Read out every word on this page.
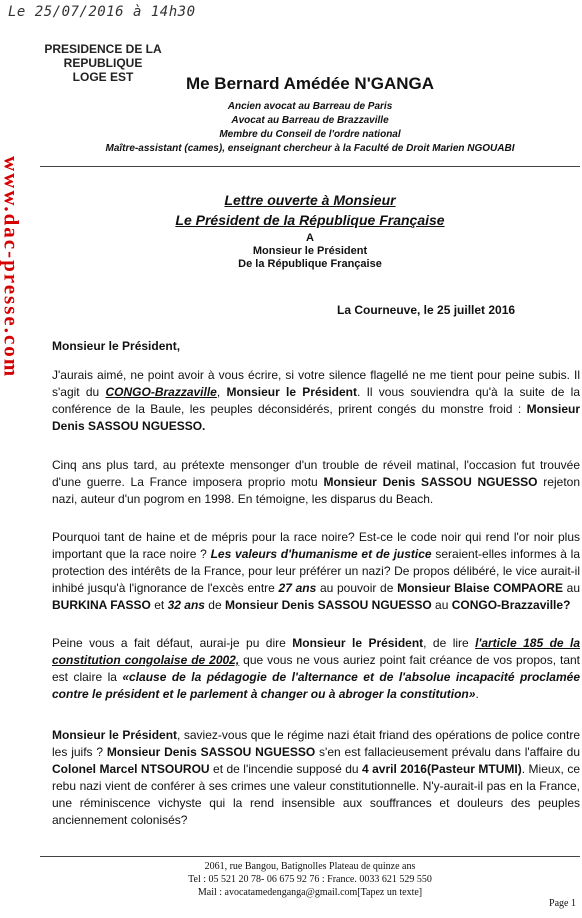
Le 25/07/2016 à 14h30
PRESIDENCE DE LA REPUBLIQUE
LOGE EST
www.dac-presse.com
Me Bernard Amédée N'GANGA
Ancien avocat au Barreau de Paris
Avocat au Barreau de Brazzaville
Membre du Conseil de l'ordre national
Maître-assistant (cames), enseignant chercheur à la Faculté de Droit Marien NGOUABI
Lettre ouverte à Monsieur
Le Président de la République Française
A
Monsieur le Président
De la République Française
La Courneuve, le 25 juillet 2016
Monsieur le Président,
J'aurais aimé, ne point avoir à vous écrire, si votre silence flagellé ne me tient pour peine subis. Il s'agit du CONGO-Brazzaville, Monsieur le Président. Il vous souviendra qu'à la suite de la conférence de la Baule, les peuples déconsidérés, prirent congés du monstre froid : Monsieur Denis SASSOU NGUESSO.
Cinq ans plus tard, au prétexte mensonger d'un trouble de réveil matinal, l'occasion fut trouvée d'une guerre. La France imposera proprio motu Monsieur Denis SASSOU NGUESSO rejeton nazi, auteur d'un pogrom en 1998. En témoigne, les disparus du Beach.
Pourquoi tant de haine et de mépris pour la race noire? Est-ce le code noir qui rend l'or noir plus important que la race noire ? Les valeurs d'humanisme et de justice seraient-elles informes à la protection des intérêts de la France, pour leur préférer un nazi? De propos délibéré, le vice aurait-il inhibé jusqu'à l'ignorance de l'excès entre 27 ans au pouvoir de Monsieur Blaise COMPAORE au BURKINA FASSO et 32 ans de Monsieur Denis SASSOU NGUESSO au CONGO-Brazzaville?
Peine vous a fait défaut, aurai-je pu dire Monsieur le Président, de lire l'article 185 de la constitution congolaise de 2002, que vous ne vous auriez point fait créance de vos propos, tant est claire la «clause de la pédagogie de l'alternance et de l'absolue incapacité proclamée contre le président et le parlement à changer ou à abroger la constitution».
Monsieur le Président, saviez-vous que le régime nazi était friand des opérations de police contre les juifs ? Monsieur Denis SASSOU NGUESSO s'en est fallacieusement prévalu dans l'affaire du Colonel Marcel NTSOUROU et de l'incendie supposé du 4 avril 2016(Pasteur MTUMI). Mieux, ce rebu nazi vient de conférer à ses crimes une valeur constitutionnelle. N'y-aurait-il pas en la France, une réminiscence vichyste qui la rend insensible aux souffrances et douleurs des peuples anciennement colonisés?
2061, rue Bangou, Batignolles Plateau de quinze ans
Tel : 05 521 20 78- 06 675 92 76 : France. 0033 621 529 550
Mail : avocatamedenganga@gmail.com[Tapez un texte]
Page 1
